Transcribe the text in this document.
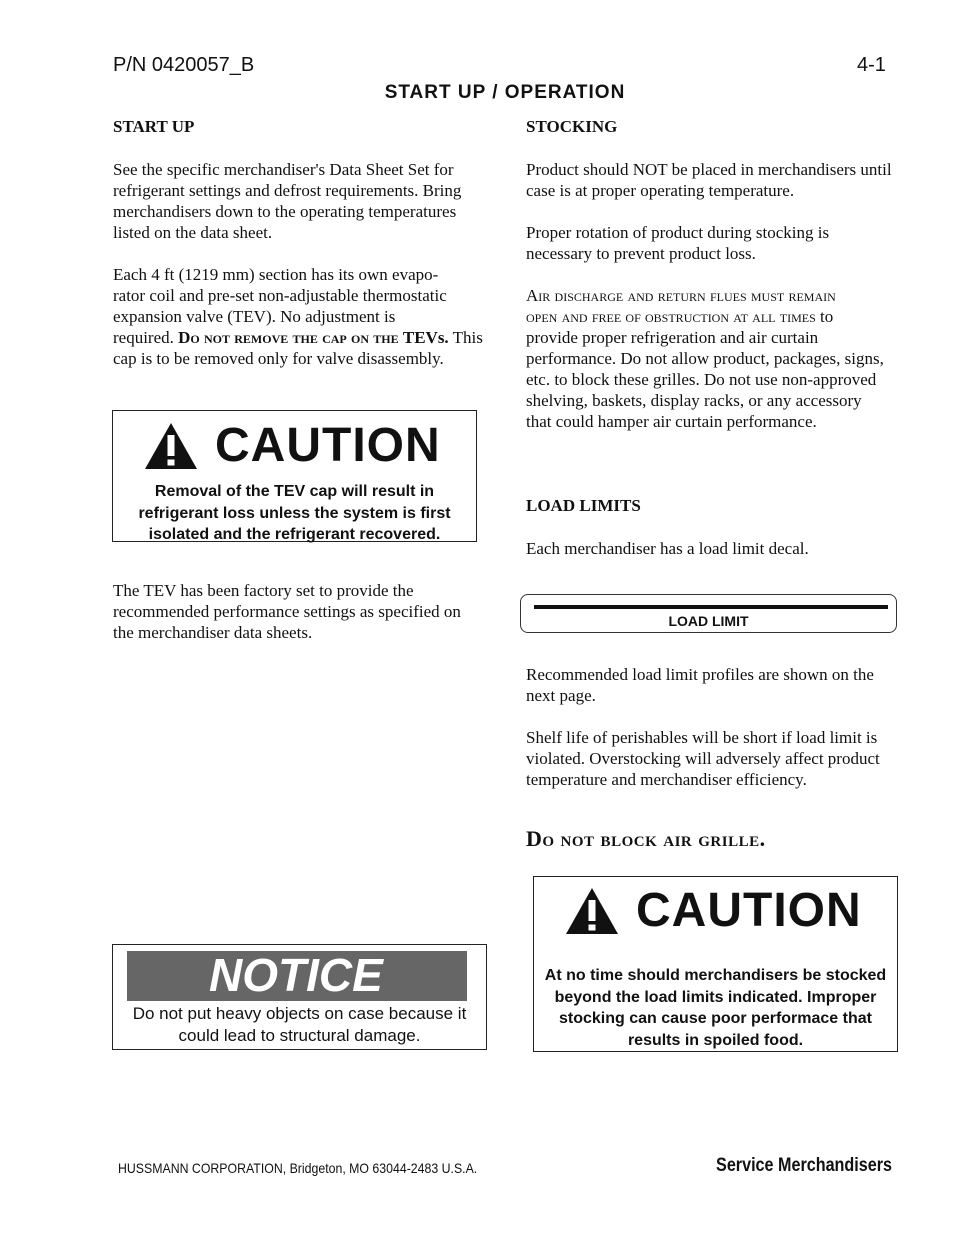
P/N 0420057_B	4-1
START UP / OPERATION
START UP

See the specific merchandiser's Data Sheet Set for refrigerant settings and defrost requirements. Bring merchandisers down to the operating temperatures listed on the data sheet.

Each 4 ft (1219 mm) section has its own evapo-
rator coil and pre-set non-adjustable thermostatic
expansion valve (TEV). No adjustment is
required. Do not remove the cap on the TEVs. This cap is to be removed only for valve disassembly.
CAUTION
Removal of the TEV cap will result in refrigerant loss unless the system is first isolated and the refrigerant recovered.

The TEV has been factory set to provide the recommended performance settings as specified on the merchandiser data sheets.

NOTICE
Do not put heavy objects on case because it could lead to structural damage.
STOCKING

Product should NOT be placed in merchandisers until case is at proper operating temperature.

Proper rotation of product during stocking is necessary to prevent product loss.

Air discharge and return flues must remain
open and free of obstruction at all times to
provide proper refrigeration and air curtain performance. Do not allow product, packages, signs, etc. to block these grilles. Do not use non-approved shelving, baskets, display racks, or any accessory that could hamper air curtain performance.
LOAD LIMITS

Each merchandiser has a load limit decal.

LOAD LIMIT

Recommended load limit profiles are shown on the next page.

Shelf life of perishables will be short if load limit is violated. Overstocking will adversely affect product temperature and merchandiser efficiency.

Do not block air grille.
CAUTION
At no time should merchandisers be stocked beyond the load limits indicated. Improper stocking can cause poor performace that results in spoiled food.
HUSSMANN CORPORATION, Bridgeton, MO 63044-2483 U.S.A.	Service Merchandisers
